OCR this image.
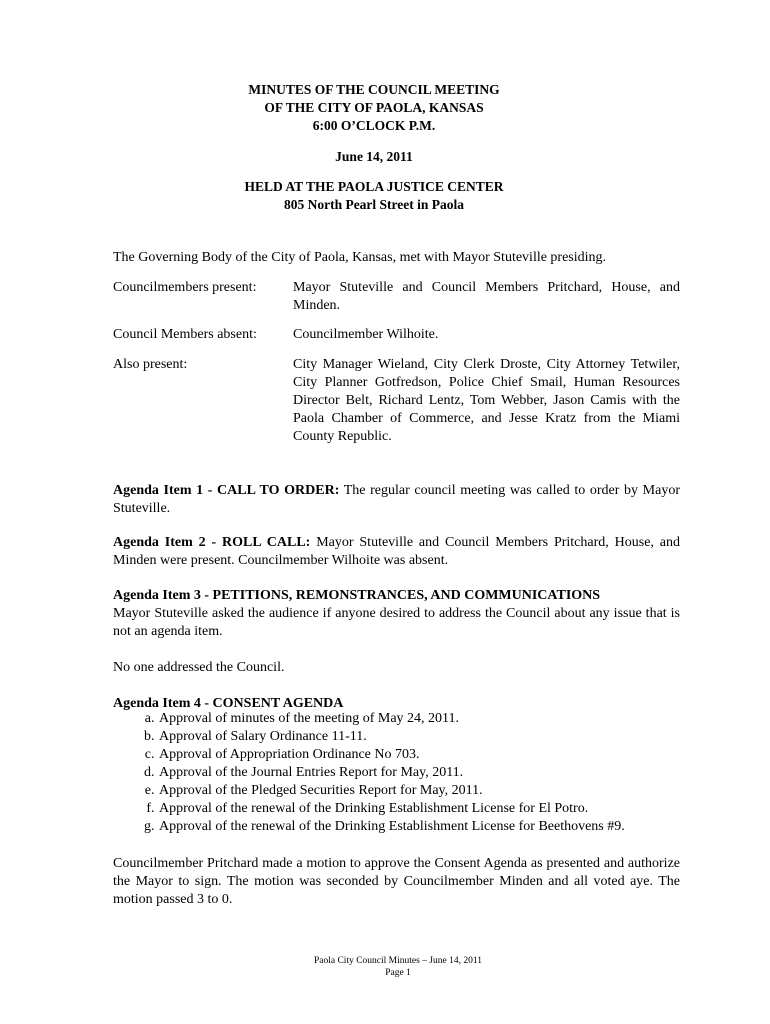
MINUTES OF THE COUNCIL MEETING
OF THE CITY OF PAOLA, KANSAS
6:00 O’CLOCK P.M.
June 14, 2011
HELD AT THE PAOLA JUSTICE CENTER
805 North Pearl Street in Paola
The Governing Body of the City of Paola, Kansas, met with Mayor Stuteville presiding.
Councilmembers present:	Mayor Stuteville and Council Members Pritchard, House, and Minden.
Council Members absent:	Councilmember Wilhoite.
Also present:	City Manager Wieland, City Clerk Droste, City Attorney Tetwiler, City Planner Gotfredson, Police Chief Smail, Human Resources Director Belt, Richard Lentz, Tom Webber, Jason Camis with the Paola Chamber of Commerce, and Jesse Kratz from the Miami County Republic.
Agenda Item 1 - CALL TO ORDER: The regular council meeting was called to order by Mayor Stuteville.
Agenda Item 2 - ROLL CALL: Mayor Stuteville and Council Members Pritchard, House, and Minden were present. Councilmember Wilhoite was absent.
Agenda Item 3 - PETITIONS, REMONSTRANCES, AND COMMUNICATIONS
Mayor Stuteville asked the audience if anyone desired to address the Council about any issue that is not an agenda item.
No one addressed the Council.
Agenda Item 4 - CONSENT AGENDA
a. Approval of minutes of the meeting of May 24, 2011.
b. Approval of Salary Ordinance 11-11.
c. Approval of Appropriation Ordinance No 703.
d. Approval of the Journal Entries Report for May, 2011.
e. Approval of the Pledged Securities Report for May, 2011.
f. Approval of the renewal of the Drinking Establishment License for El Potro.
g. Approval of the renewal of the Drinking Establishment License for Beethovens #9.
Councilmember Pritchard made a motion to approve the Consent Agenda as presented and authorize the Mayor to sign. The motion was seconded by Councilmember Minden and all voted aye. The motion passed 3 to 0.
Paola City Council Minutes – June 14, 2011
Page 1
